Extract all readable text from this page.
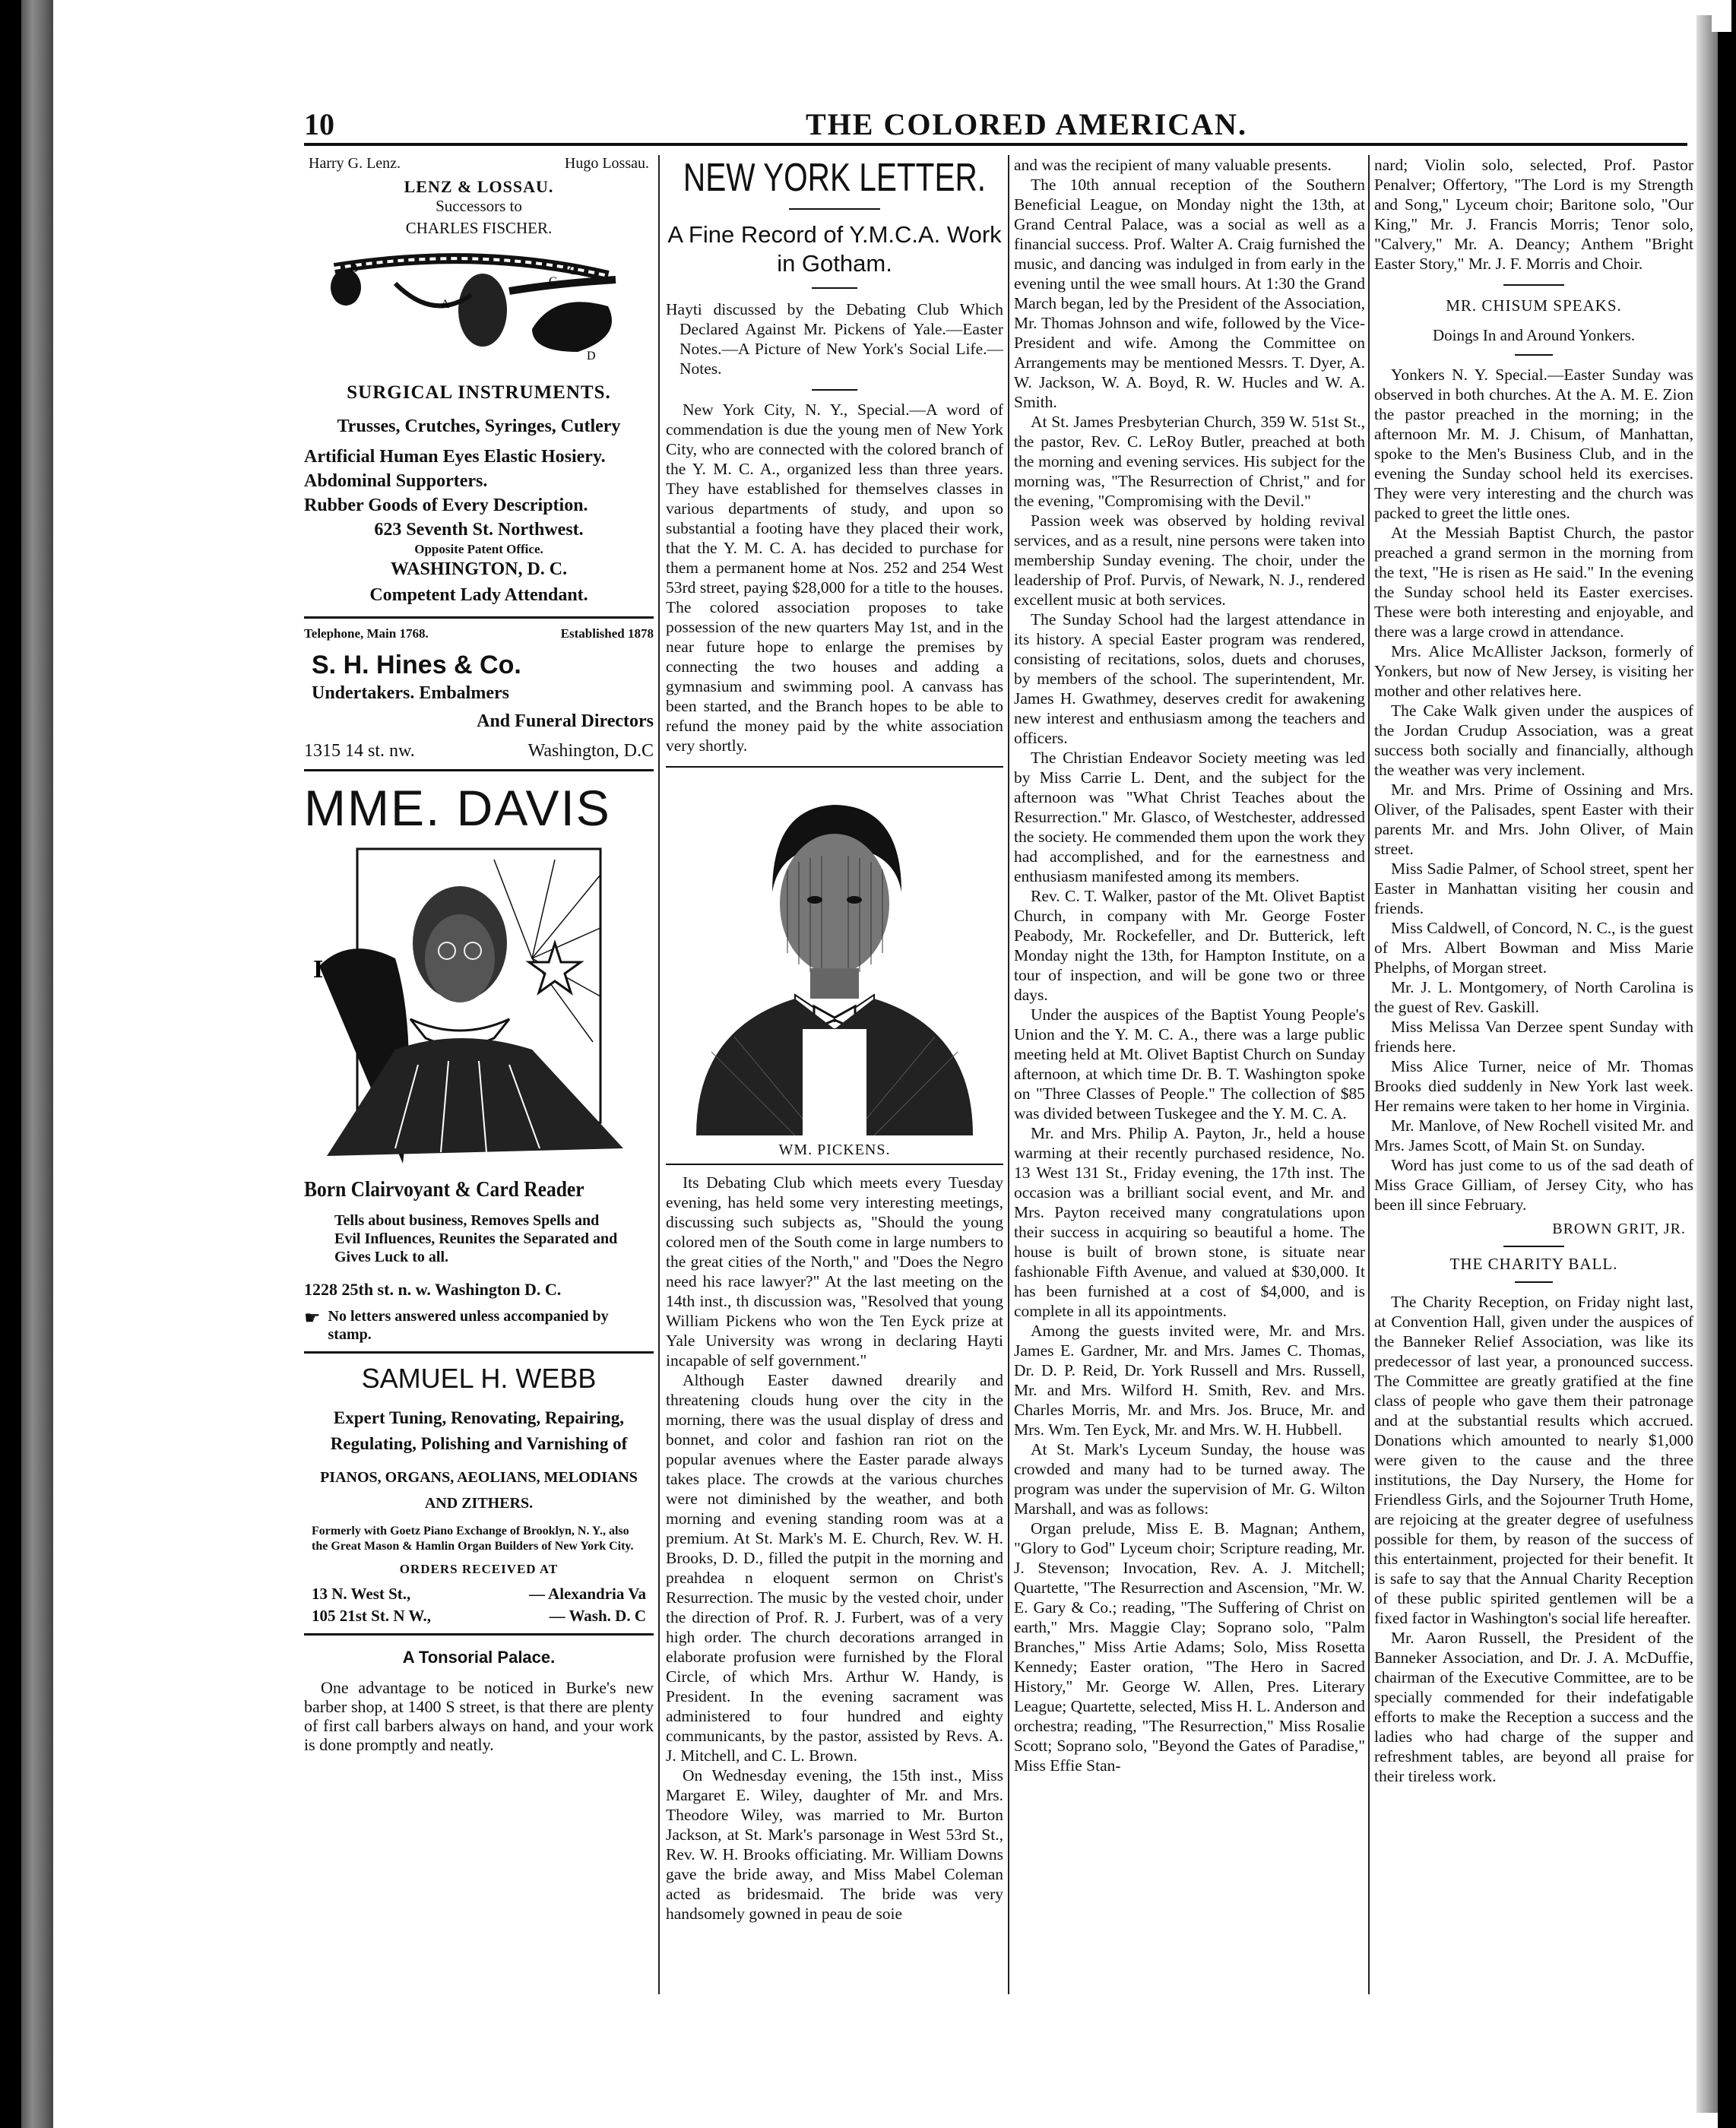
10	THE COLORED AMERICAN.
Harry G. Lenz.	Hugo Lossau.
LENZ & LOSSAU.
Successors to
CHARLES FISCHER.
B
A
C
C
D
SURGICAL INSTRUMENTS.
Trusses, Crutches, Syringes, Cutlery
Artificial Human Eyes Elastic Hosiery. Abdominal Supporters.
Rubber Goods of Every Description.
623 Seventh St. Northwest.
Opposite Patent Office.
WASHINGTON, D. C.
Competent Lady Attendant.
Telephone, Main 1768.	Established 1878
S. H. Hines & Co.
Undertakers. Embalmers
And Funeral Directors
1315 14 st. nw.	Washington, D.C
MME. DAVIS
I
Born Clairvoyant & Card Reader
Tells about business, Removes Spells and Evil Influences, Reunites the Separated and Gives Luck to all.
1228 25th st. n. w. Washington D. C.
☛ No letters answered unless accompanied by stamp.
SAMUEL H. WEBB
Expert Tuning, Renovating, Repairing, Regulating, Polishing and Varnishing of
PIANOS, ORGANS, AEOLIANS, MELODIANS AND ZITHERS.
Formerly with Goetz Piano Exchange of Brooklyn, N. Y., also the Great Mason & Hamlin Organ Builders of New York City.
ORDERS RECEIVED AT
13 N. West St.,	— Alexandria Va
105 21st St. N W.,	— Wash. D. C
A Tonsorial Palace.

One advantage to be noticed in Burke's new barber shop, at 1400 S street, is that there are plenty of first call barbers always on hand, and your work is done promptly and neatly.

NEW YORK LETTER.
A Fine Record of Y.M.C.A. Work in Gotham.

Hayti discussed by the Debating Club Which Declared Against Mr. Pickens of Yale.—Easter Notes.—A Picture of New York's Social Life.—Notes.

New York City, N. Y., Special.—A word of commendation is due the young men of New York City, who are connected with the colored branch of the Y. M. C. A., organized less than three years. They have established for themselves classes in various departments of study, and upon so substantial a footing have they placed their work, that the Y. M. C. A. has decided to purchase for them a permanent home at Nos. 252 and 254 West 53rd street, paying $28,000 for a title to the houses. The colored association proposes to take possession of the new quarters May 1st, and in the near future hope to enlarge the premises by connecting the two houses and adding a gymnasium and swimming pool. A canvass has been started, and the Branch hopes to be able to refund the money paid by the white association very shortly.

WM. PICKENS.

Its Debating Club which meets every Tuesday evening, has held some very interesting meetings, discussing such subjects as, "Should the young colored men of the South come in large numbers to the great cities of the North," and "Does the Negro need his race lawyer?" At the last meeting on the 14th inst., th discussion was, "Resolved that young William Pickens who won the Ten Eyck prize at Yale University was wrong in declaring Hayti incapable of self government."

Although Easter dawned drearily and threatening clouds hung over the city in the morning, there was the usual display of dress and bonnet, and color and fashion ran riot on the popular avenues where the Easter parade always takes place. The crowds at the various churches were not diminished by the weather, and both morning and evening standing room was at a premium. At St. Mark's M. E. Church, Rev. W. H. Brooks, D. D., filled the putpit in the morning and preahdea n eloquent sermon on Christ's Resurrection. The music by the vested choir, under the direction of Prof. R. J. Furbert, was of a very high order. The church decorations arranged in elaborate profusion were furnished by the Floral Circle, of which Mrs. Arthur W. Handy, is President. In the evening sacrament was administered to four hundred and eighty communicants, by the pastor, assisted by Revs. A. J. Mitchell, and C. L. Brown.

On Wednesday evening, the 15th inst., Miss Margaret E. Wiley, daughter of Mr. and Mrs. Theodore Wiley, was married to Mr. Burton Jackson, at St. Mark's parsonage in West 53rd St., Rev. W. H. Brooks officiating. Mr. William Downs gave the bride away, and Miss Mabel Coleman acted as bridesmaid. The bride was very handsomely gowned in peau de soie

and was the recipient of many valuable presents.

The 10th annual reception of the Southern Beneficial League, on Monday night the 13th, at Grand Central Palace, was a social as well as a financial success. Prof. Walter A. Craig furnished the music, and dancing was indulged in from early in the evening until the wee small hours. At 1:30 the Grand March began, led by the President of the Association, Mr. Thomas Johnson and wife, followed by the Vice-President and wife. Among the Committee on Arrangements may be mentioned Messrs. T. Dyer, A. W. Jackson, W. A. Boyd, R. W. Hucles and W. A. Smith.

At St. James Presbyterian Church, 359 W. 51st St., the pastor, Rev. C. LeRoy Butler, preached at both the morning and evening services. His subject for the morning was, "The Resurrection of Christ," and for the evening, "Compromising with the Devil."

Passion week was observed by holding revival services, and as a result, nine persons were taken into membership Sunday evening. The choir, under the leadership of Prof. Purvis, of Newark, N. J., rendered excellent music at both services.

The Sunday School had the largest attendance in its history. A special Easter program was rendered, consisting of recitations, solos, duets and choruses, by members of the school. The superintendent, Mr. James H. Gwathmey, deserves credit for awakening new interest and enthusiasm among the teachers and officers.

The Christian Endeavor Society meeting was led by Miss Carrie L. Dent, and the subject for the afternoon was "What Christ Teaches about the Resurrection." Mr. Glasco, of Westchester, addressed the society. He commended them upon the work they had accomplished, and for the earnestness and enthusiasm manifested among its members.

Rev. C. T. Walker, pastor of the Mt. Olivet Baptist Church, in company with Mr. George Foster Peabody, Mr. Rockefeller, and Dr. Butterick, left Monday night the 13th, for Hampton Institute, on a tour of inspection, and will be gone two or three days.

Under the auspices of the Baptist Young People's Union and the Y. M. C. A., there was a large public meeting held at Mt. Olivet Baptist Church on Sunday afternoon, at which time Dr. B. T. Washington spoke on "Three Classes of People." The collection of $85 was divided between Tuskegee and the Y. M. C. A.

Mr. and Mrs. Philip A. Payton, Jr., held a house warming at their recently purchased residence, No. 13 West 131 St., Friday evening, the 17th inst. The occasion was a brilliant social event, and Mr. and Mrs. Payton received many congratulations upon their success in acquiring so beautiful a home. The house is built of brown stone, is situate near fashionable Fifth Avenue, and valued at $30,000. It has been furnished at a cost of $4,000, and is complete in all its appointments.

Among the guests invited were, Mr. and Mrs. James E. Gardner, Mr. and Mrs. James C. Thomas, Dr. D. P. Reid, Dr. York Russell and Mrs. Russell, Mr. and Mrs. Wilford H. Smith, Rev. and Mrs. Charles Morris, Mr. and Mrs. Jos. Bruce, Mr. and Mrs. Wm. Ten Eyck, Mr. and Mrs. W. H. Hubbell.

At St. Mark's Lyceum Sunday, the house was crowded and many had to be turned away. The program was under the supervision of Mr. G. Wilton Marshall, and was as follows:

Organ prelude, Miss E. B. Magnan; Anthem, "Glory to God" Lyceum choir; Scripture reading, Mr. J. Stevenson; Invocation, Rev. A. J. Mitchell; Quartette, "The Resurrection and Ascension, "Mr. W. E. Gary & Co.; reading, "The Suffering of Christ on earth," Mrs. Maggie Clay; Soprano solo, "Palm Branches," Miss Artie Adams; Solo, Miss Rosetta Kennedy; Easter oration, "The Hero in Sacred History," Mr. George W. Allen, Pres. Literary League; Quartette, selected, Miss H. L. Anderson and orchestra; reading, "The Resurrection," Miss Rosalie Scott; Soprano solo, "Beyond the Gates of Paradise," Miss Effie Stan-

nard; Violin solo, selected, Prof. Pastor Penalver; Offertory, "The Lord is my Strength and Song," Lyceum choir; Baritone solo, "Our King," Mr. J. Francis Morris; Tenor solo, "Calvery," Mr. A. Deancy; Anthem "Bright Easter Story," Mr. J. F. Morris and Choir.

MR. CHISUM SPEAKS.
Doings In and Around Yonkers.

Yonkers N. Y. Special.—Easter Sunday was observed in both churches. At the A. M. E. Zion the pastor preached in the morning; in the afternoon Mr. M. J. Chisum, of Manhattan, spoke to the Men's Business Club, and in the evening the Sunday school held its exercises. They were very interesting and the church was packed to greet the little ones.

At the Messiah Baptist Church, the pastor preached a grand sermon in the morning from the text, "He is risen as He said." In the evening the Sunday school held its Easter exercises. These were both interesting and enjoyable, and there was a large crowd in attendance.

Mrs. Alice McAllister Jackson, formerly of Yonkers, but now of New Jersey, is visiting her mother and other relatives here.

The Cake Walk given under the auspices of the Jordan Crudup Association, was a great success both socially and financially, although the weather was very inclement.

Mr. and Mrs. Prime of Ossining and Mrs. Oliver, of the Palisades, spent Easter with their parents Mr. and Mrs. John Oliver, of Main street.

Miss Sadie Palmer, of School street, spent her Easter in Manhattan visiting her cousin and friends.

Miss Caldwell, of Concord, N. C., is the guest of Mrs. Albert Bowman and Miss Marie Phelphs, of Morgan street.

Mr. J. L. Montgomery, of North Carolina is the guest of Rev. Gaskill.

Miss Melissa Van Derzee spent Sunday with friends here.

Miss Alice Turner, neice of Mr. Thomas Brooks died suddenly in New York last week. Her remains were taken to her home in Virginia.

Mr. Manlove, of New Rochell visited Mr. and Mrs. James Scott, of Main St. on Sunday.

Word has just come to us of the sad death of Miss Grace Gilliam, of Jersey City, who has been ill since February.

BROWN GRIT, JR.
THE CHARITY BALL.

The Charity Reception, on Friday night last, at Convention Hall, given under the auspices of the Banneker Relief Association, was like its predecessor of last year, a pronounced success. The Committee are greatly gratified at the fine class of people who gave them their patronage and at the substantial results which accrued. Donations which amounted to nearly $1,000 were given to the cause and the three institutions, the Day Nursery, the Home for Friendless Girls, and the Sojourner Truth Home, are rejoicing at the greater degree of usefulness possible for them, by reason of the success of this entertainment, projected for their benefit. It is safe to say that the Annual Charity Reception of these public spirited gentlemen will be a fixed factor in Washington's social life hereafter.

Mr. Aaron Russell, the President of the Banneker Association, and Dr. J. A. McDuffie, chairman of the Executive Committee, are to be specially commended for their indefatigable efforts to make the Reception a success and the ladies who had charge of the supper and refreshment tables, are beyond all praise for their tireless work.
